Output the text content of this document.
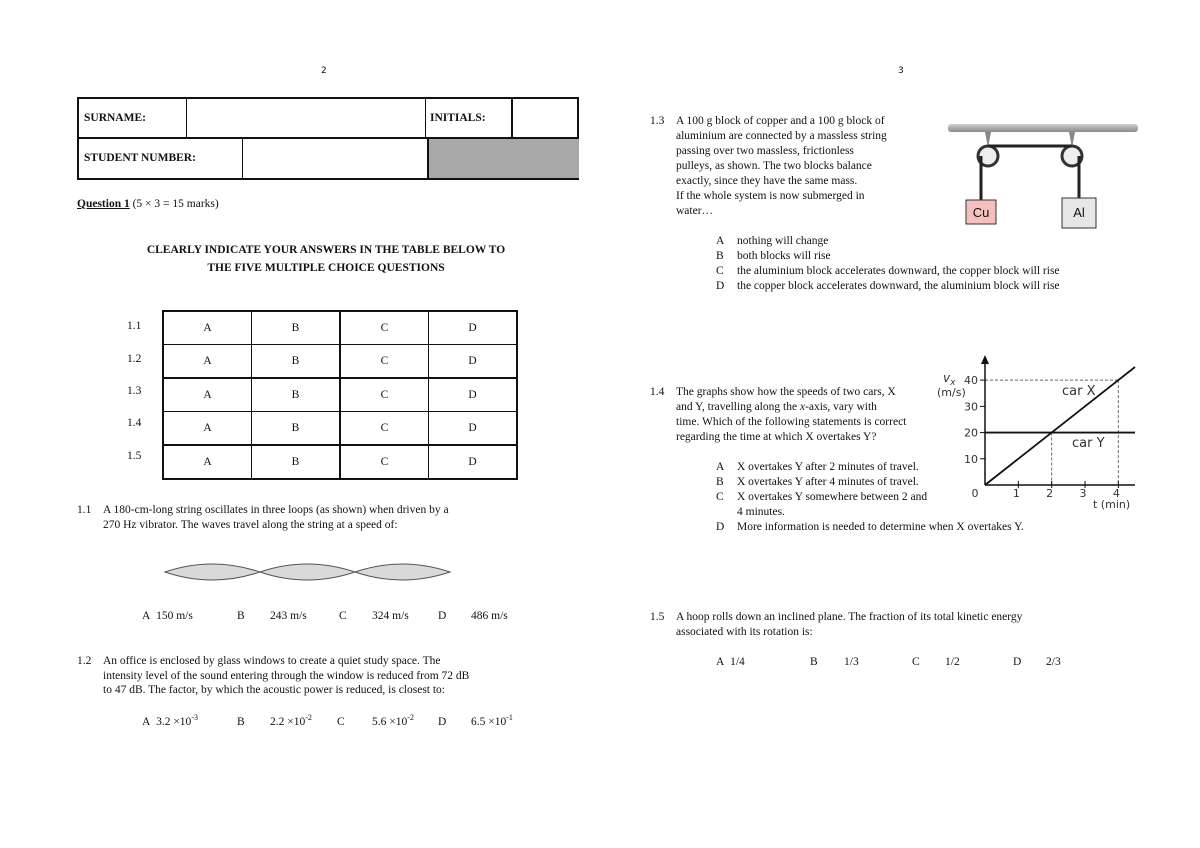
2	3
SURNAME:	INITIALS:
STUDENT NUMBER:
Question 1 (5 × 3 = 15 marks)
CLEARLY INDICATE YOUR ANSWERS IN THE TABLE BELOW TO
THE FIVE MULTIPLE CHOICE QUESTIONS
1.1
1.2
1.3
1.4
1.5
A	B	C	D
A	B	C	D
A	B	C	D
A	B	C	D
A	B	C	D
1.1 A 180-cm-long string oscillates in three loops (as shown) when driven by a
270 Hz vibrator. The waves travel along the string at a speed of:
A 150 m/s	B 243 m/s	C 324 m/s	D 486 m/s
1.2 An office is enclosed by glass windows to create a quiet study space. The
intensity level of the sound entering through the window is reduced from 72 dB
to 47 dB. The factor, by which the acoustic power is reduced, is closest to:
A $3.2 \times 10^{-3}$	B $2.2 \times 10^{-2}$ C $5.6 \times 10^{-2}$ D $6.5 \times 10^{-1}$
1.3 A 100 g block of copper and a 100 g block of
aluminium are connected by a massless string
passing over two massless, frictionless
pulleys, as shown. The two blocks balance
exactly, since they have the same mass.
If the whole system is now submerged in
water…	Cu	Al
A nothing will change
B both blocks will rise
C the aluminium block accelerates downward, the copper block will rise
D the copper block accelerates downward, the aluminium block will rise
1.4 The graphs show how the speeds of two cars, X
and Y, travelling along the x-axis, vary with
time. Which of the following statements is correct
regarding the time at which X overtakes Y?
A X overtakes Y after 2 minutes of travel.
B X overtakes Y after 4 minutes of travel.
C X overtakes Y somewhere between 2 and
4 minutes.
D More information is needed to determine when X overtakes Y.
10
20
30
40
0	1 2 3 4
car X
car Y
$v_x$
(m/s)
t (min)
1.5 A hoop rolls down an inclined plane. The fraction of its total kinetic energy
associated with its rotation is:
A 1/4	B 1/3	C 1/2	D 2/3
